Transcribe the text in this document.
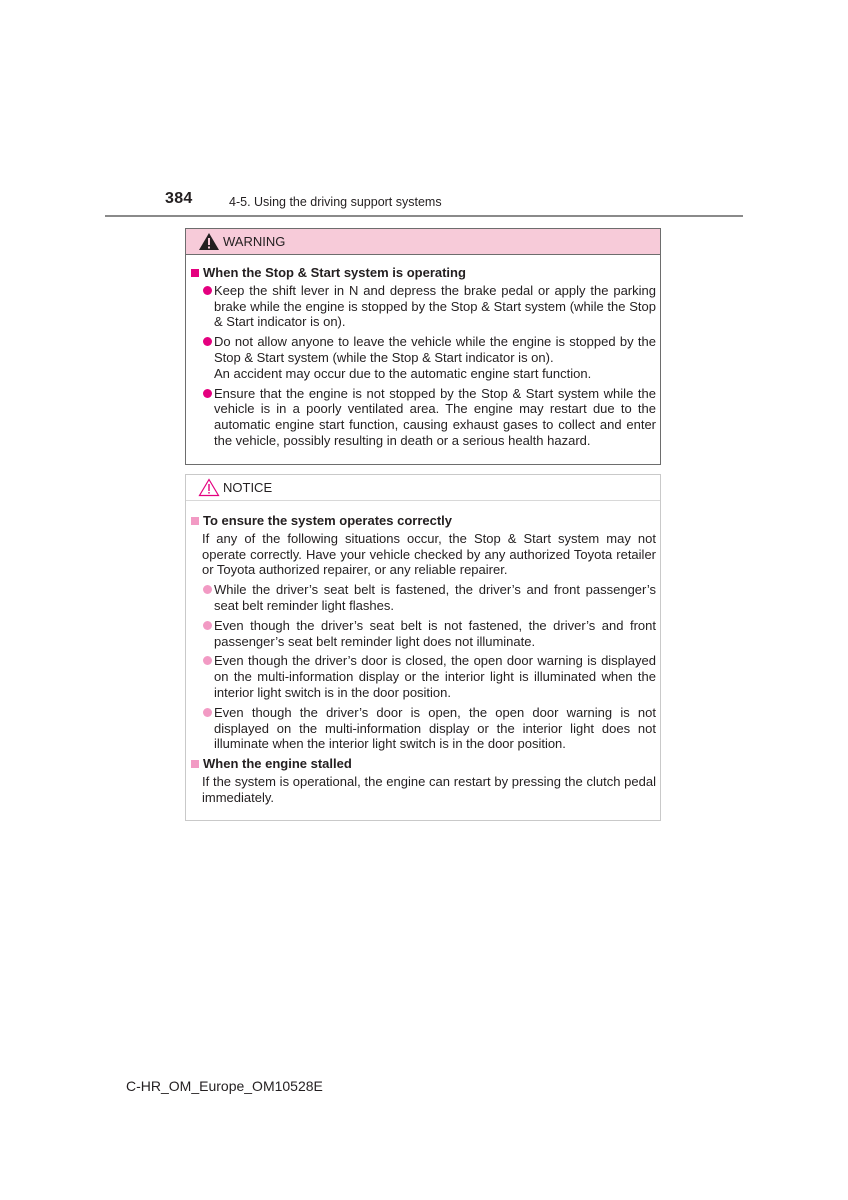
384	4-5. Using the driving support systems
WARNING
When the Stop & Start system is operating

Keep the shift lever in N and depress the brake pedal or apply the parking brake while the engine is stopped by the Stop & Start system (while the Stop & Start indicator is on).

Do not allow anyone to leave the vehicle while the engine is stopped by the Stop & Start system (while the Stop & Start indicator is on).

An accident may occur due to the automatic engine start function.

Ensure that the engine is not stopped by the Stop & Start system while the vehicle is in a poorly ventilated area. The engine may restart due to the automatic engine start function, causing exhaust gases to collect and enter the vehicle, possibly resulting in death or a serious health hazard.

NOTICE
To ensure the system operates correctly

If any of the following situations occur, the Stop & Start system may not operate correctly. Have your vehicle checked by any authorized Toyota retailer or Toyota authorized repairer, or any reliable repairer.

While the driver’s seat belt is fastened, the driver’s and front passenger’s seat belt reminder light flashes.

Even though the driver’s seat belt is not fastened, the driver’s and front passenger’s seat belt reminder light does not illuminate.

Even though the driver’s door is closed, the open door warning is displayed on the multi-information display or the interior light is illuminated when the interior light switch is in the door position.

Even though the driver’s door is open, the open door warning is not displayed on the multi-information display or the interior light does not illuminate when the interior light switch is in the door position.

When the engine stalled

If the system is operational, the engine can restart by pressing the clutch pedal immediately.

C-HR_OM_Europe_OM10528E
